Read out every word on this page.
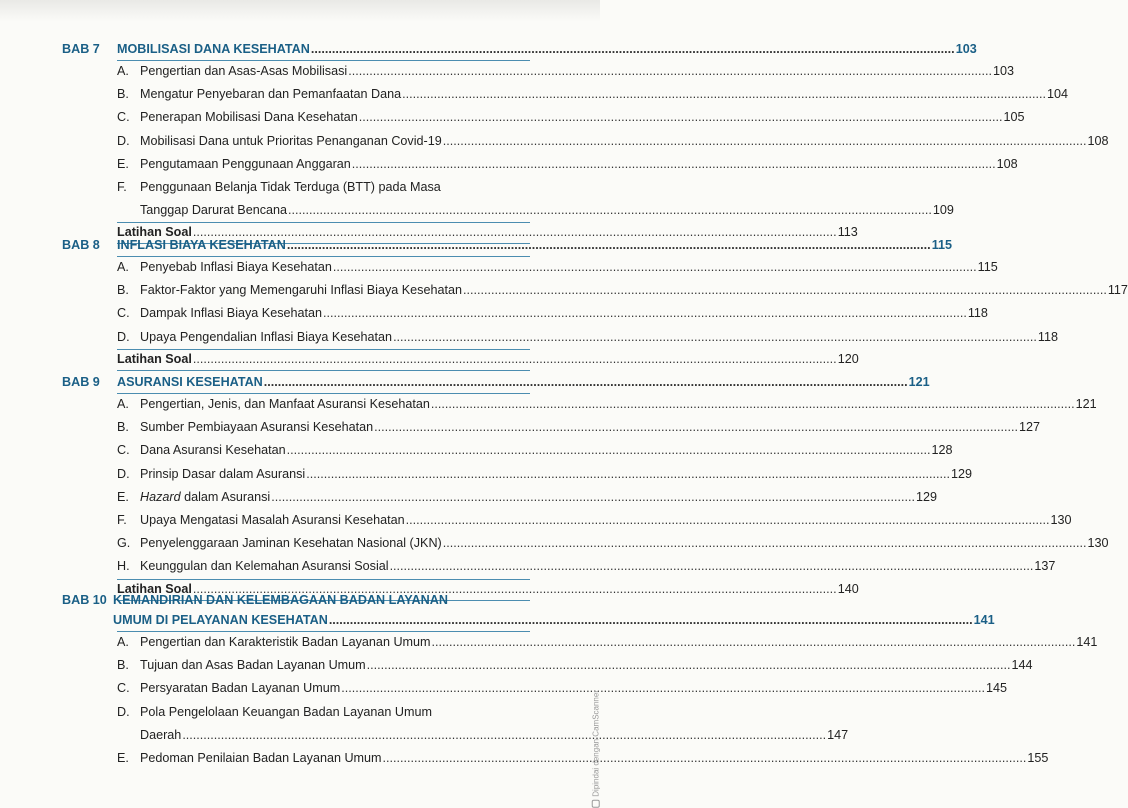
BAB 7 MOBILISASI DANA KESEHATAN .....	103
A. Pengertian dan Asas-Asas Mobilisasi .....	103
B. Mengatur Penyebaran dan Pemanfaatan Dana .....	104
C. Penerapan Mobilisasi Dana Kesehatan .....	105
D. Mobilisasi Dana untuk Prioritas Penanganan Covid-19 .....	108
E. Pengutamaan Penggunaan Anggaran .....	108
F. Penggunaan Belanja Tidak Terduga (BTT) pada Masa
Tanggap Darurat Bencana .....	109
Latihan Soal .....	113
BAB 8 INFLASI BIAYA KESEHATAN .....	115
A. Penyebab Inflasi Biaya Kesehatan .....	115
B. Faktor-Faktor yang Memengaruhi Inflasi Biaya Kesehatan .....	117
C. Dampak Inflasi Biaya Kesehatan .....	118
D. Upaya Pengendalian Inflasi Biaya Kesehatan .....	118
Latihan Soal .....	120
BAB 9 ASURANSI KESEHATAN .....	121
A. Pengertian, Jenis, dan Manfaat Asuransi Kesehatan .....	121
B. Sumber Pembiayaan Asuransi Kesehatan .....	127
C. Dana Asuransi Kesehatan .....	128
D. Prinsip Dasar dalam Asuransi .....	129
E. Hazard dalam Asuransi .....	129
F. Upaya Mengatasi Masalah Asuransi Kesehatan .....	130
G. Penyelenggaraan Jaminan Kesehatan Nasional (JKN) .....	130
H. Keunggulan dan Kelemahan Asuransi Sosial .....	137
Latihan Soal .....	140
BAB 10 KEMANDIRIAN DAN KELEMBAGAAN BADAN LAYANAN
UMUM DI PELAYANAN KESEHATAN .....	141
A. Pengertian dan Karakteristik Badan Layanan Umum .....	141
B. Tujuan dan Asas Badan Layanan Umum .....	144
C. Persyaratan Badan Layanan Umum .....	145
D. Pola Pengelolaan Keuangan Badan Layanan Umum
Daerah .....	147
E. Pedoman Penilaian Badan Layanan Umum .....	155
Dipindai dengan CamScanner
